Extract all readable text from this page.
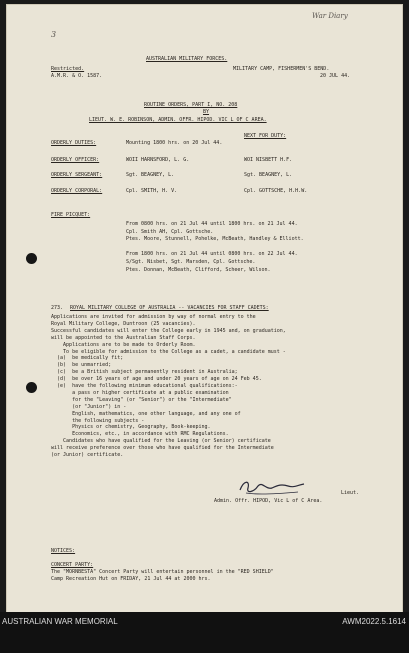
War Diary
3
AUSTRALIAN MILITARY FORCES.
Restricted.
A.M.R. & O. 1587.
MILITARY CAMP, FISHERMEN'S BEND.
20 JUL 44.
ROUTINE ORDERS, PART I, NO. 208
BY
LIEUT. W. E. ROBINSON, ADMIN. OFFR. HIPOD. VIC L OF C AREA.
NEXT FOR DUTY:
ORDERLY DUTIES:	Mounting 1800 hrs. on 20 Jul 44.
ORDERLY OFFICER:	WOII HARNSFORD, L. G.	WOI NISBETT H.F.
ORDERLY SERGEANT:	Sgt. BEAGNEY, L.	Sgt. BEAGNEY, L.
ORDERLY CORPORAL:	Cpl. SMITH, H. V.	Cpl. GOTTSCHE, H.H.W.
FIRE PICQUET:
From 0800 hrs. on 21 Jul 44 until 1800 hrs. on 21 Jul 44.
Cpl. Smith AH, Cpl. Gottsche.
Ptes. Moore, Stunnell, Pohelke, McBeath, Handley & Elliott.
From 1800 hrs. on 21 Jul 44 until 0800 hrs. on 22 Jul 44.
S/Sgt. Nisbet, Sgt. Marsden, Cpl. Gottsche.
Ptes. Donnan, McBeath, Clifford, Scheer, Wilson.
273. ROYAL MILITARY COLLEGE OF AUSTRALIA -- VACANCIES FOR STAFF CADETS:
Applications are invited for admission by way of normal entry to the
Royal Military College, Duntroon (25 vacancies).
Successful candidates will enter the College early in 1945 and, on graduation,
will be appointed to the Australian Staff Corps.
Applications are to be made to Orderly Room.
To be eligible for admission to the College as a cadet, a candidate must -
(a)  be medically fit;
(b)  be unmarried;
(c)  be a British subject permanently resident in Australia;
(d)  be over 16 years of age and under 20 years of age on 24 Feb 45.
(e)  have the following minimum educational qualifications:-
a pass or higher certificate at a public examination
for the "Leaving" (or "Senior") or the "Intermediate"
(or "Junior") in -
English, mathematics, one other language, and any one of
the following subjects -
Physics or chemistry, Geography, Book-keeping.
Economics, etc., in accordance with RMC Regulations.
Candidates who have qualified for the Leaving (or Senior) certificate
will receive preference over those who have qualified for the Intermediate
(or Junior) certificate.
Lieut.
Admin. Offr. HIPOD, Vic L of C Area.
NOTICES:
CONCERT PARTY:
The "MORNBESTA" Concert Party will entertain personnel in the "RED SHIELD"
Camp Recreation Hut on FRIDAY, 21 Jul 44 at 2000 hrs.
AUSTRALIAN WAR MEMORIAL	AWM2022.5.1614
